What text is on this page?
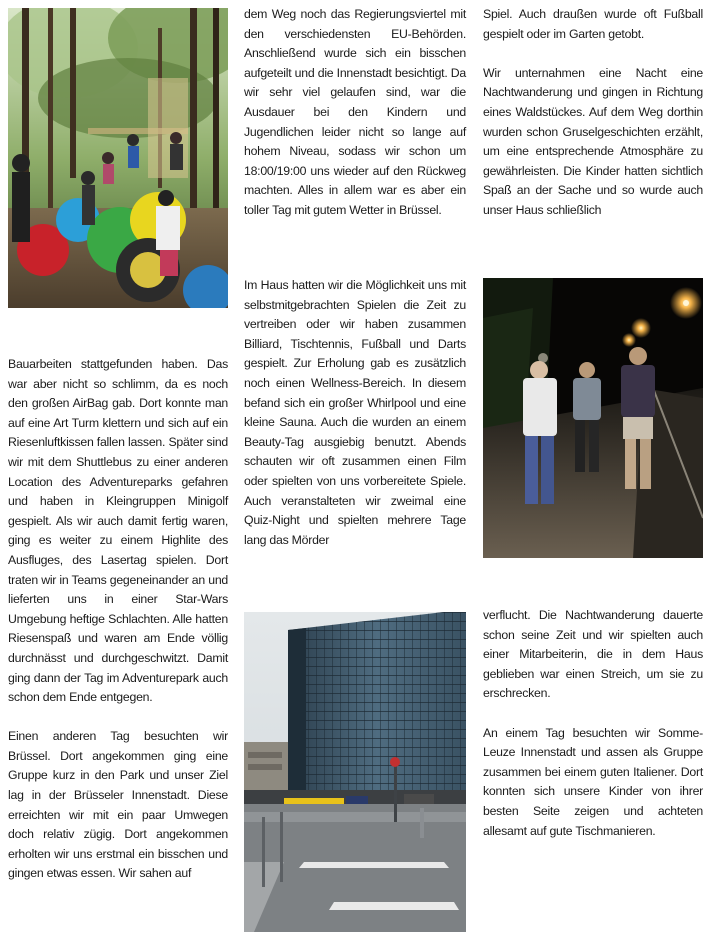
Bauarbeiten stattgefunden haben. Das war aber nicht so schlimm, da es noch den großen AirBag gab. Dort konnte man auf eine Art Turm klettern und sich auf ein Riesenluftkissen fallen lassen. Später sind wir mit dem Shuttlebus zu einer anderen Location des Adventureparks gefahren und haben in Kleingruppen Minigolf gespielt. Als wir auch damit fertig waren, ging es weiter zu einem Highlite des Ausfluges, des Lasertag spielen. Dort traten wir in Teams gegeneinander an und lieferten uns in einer Star-Wars Umgebung heftige Schlachten. Alle hatten Riesenspaß und waren am Ende völlig durchnässt und durchgeschwitzt. Damit ging dann der Tag im Adventurepark auch schon dem Ende entgegen.

Einen anderen Tag besuchten wir Brüssel. Dort angekommen ging eine Gruppe kurz in den Park und unser Ziel lag in der Brüsseler Innenstadt. Diese erreichten wir mit ein paar Umwegen doch relativ zügig. Dort angekommen erholten wir uns erstmal ein bisschen und gingen etwas essen. Wir sahen auf

dem Weg noch das Regierungsviertel mit den verschiedensten EU-Behörden. Anschließend wurde sich ein bisschen aufgeteilt und die Innenstadt besichtigt. Da wir sehr viel gelaufen sind, war die Ausdauer bei den Kindern und Jugendlichen leider nicht so lange auf hohem Niveau, sodass wir schon um 18:00/19:00 uns wieder auf den Rückweg machten. Alles in allem war es aber ein toller Tag mit gutem Wetter in Brüssel.

Im Haus hatten wir die Möglichkeit uns mit selbstmitgebrachten Spielen die Zeit zu vertreiben oder wir haben zusammen Billiard, Tischtennis, Fußball und Darts gespielt. Zur Erholung gab es zusätzlich noch einen Wellness-Bereich. In diesem befand sich ein großer Whirlpool und eine kleine Sauna. Auch die wurden an einem Beauty-Tag ausgiebig benutzt. Abends schauten wir oft zusammen einen Film oder spielten von uns vorbereitete Spiele. Auch veranstalteten wir zweimal eine Quiz-Night und spielten mehrere Tage lang das Mörder

Spiel. Auch draußen wurde oft Fußball gespielt oder im Garten getobt.

Wir unternahmen eine Nacht eine Nachtwanderung und gingen in Richtung eines Waldstückes. Auf dem Weg dorthin wurden schon Gruselgeschichten erzählt, um eine entsprechende Atmosphäre zu gewährleisten. Die Kinder hatten sichtlich Spaß an der Sache und so wurde auch unser Haus schließlich

verflucht. Die Nachtwanderung dauerte schon seine Zeit und wir spielten auch einer Mitarbeiterin, die in dem Haus geblieben war einen Streich, um sie zu erschrecken.

An einem Tag besuchten wir Somme-Leuze Innenstadt und assen als Gruppe zusammen bei einem guten Italiener. Dort konnten sich unsere Kinder von ihrer besten Seite zeigen und achteten allesamt auf gute Tischmanieren.
